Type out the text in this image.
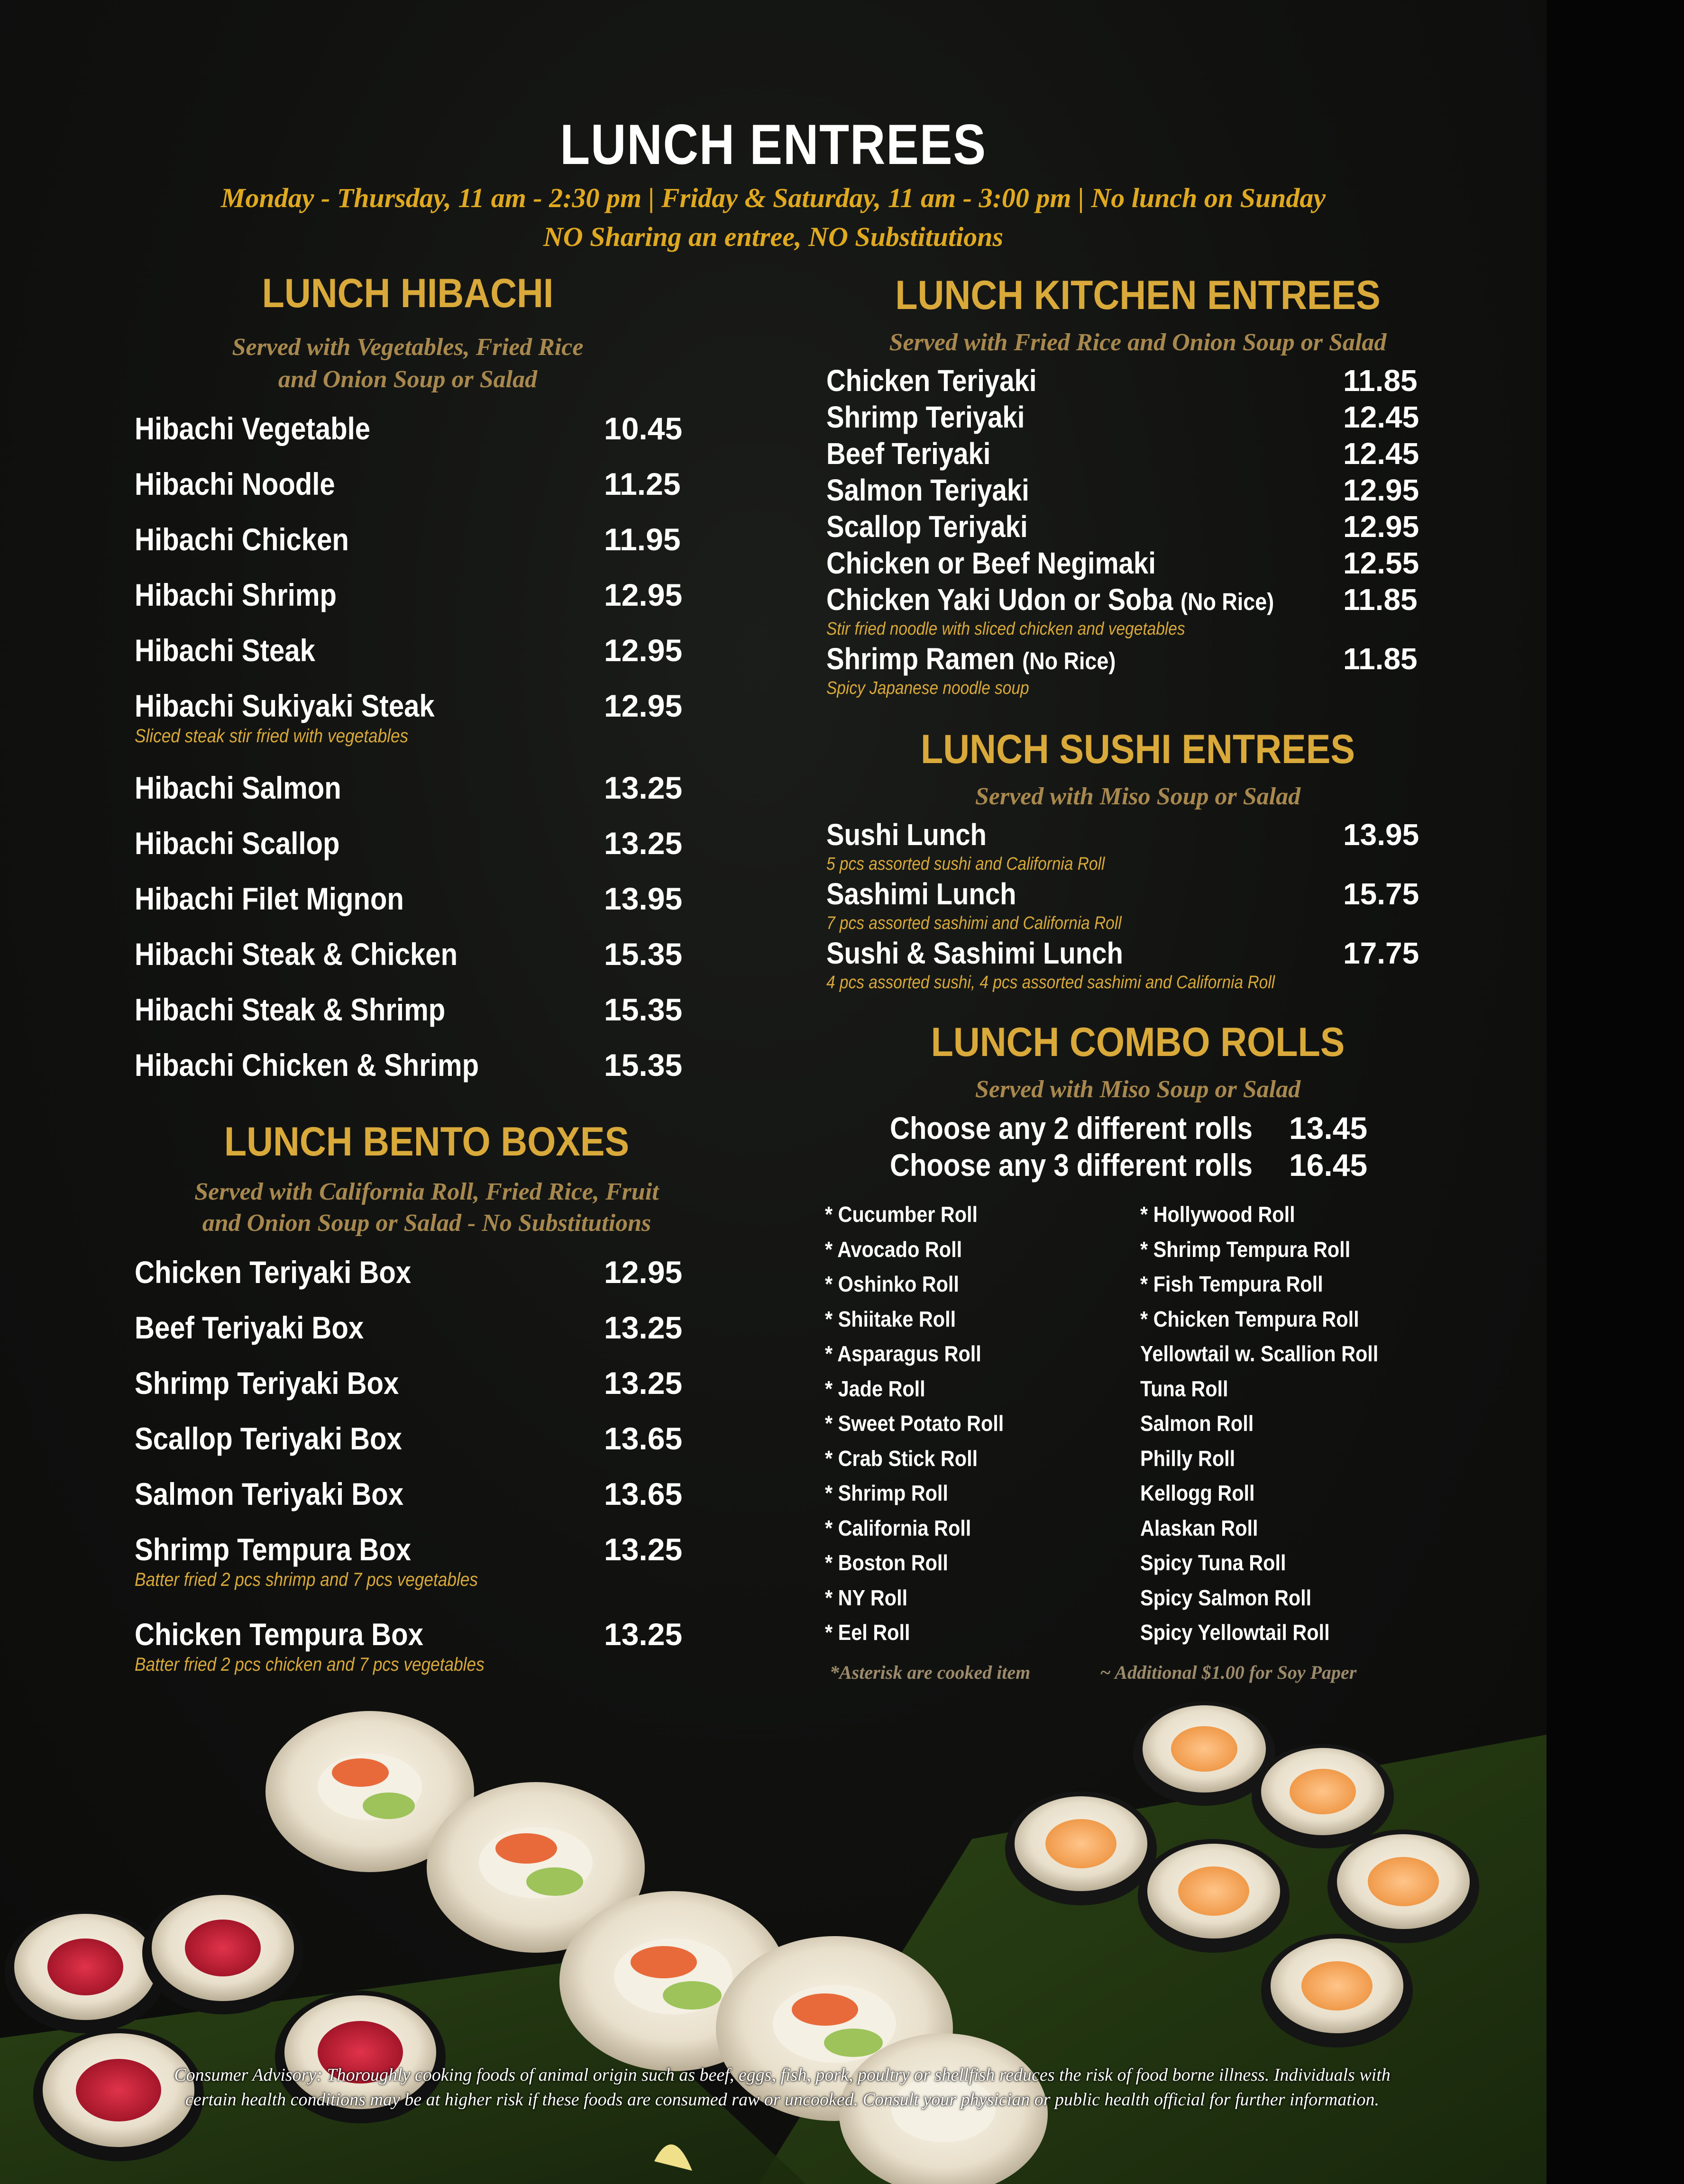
LUNCH ENTREES
Monday - Thursday, 11 am - 2:30 pm | Friday & Saturday, 11 am - 3:00 pm | No lunch on Sunday
NO Sharing an entree, NO Substitutions
LUNCH HIBACHI
Served with Vegetables, Fried Rice
and Onion Soup or Salad
Hibachi Vegetable	10.45
Hibachi Noodle	11.25
Hibachi Chicken	11.95
Hibachi Shrimp	12.95
Hibachi Steak	12.95
Hibachi Sukiyaki Steak	12.95
Sliced steak stir fried with vegetables
Hibachi Salmon	13.25
Hibachi Scallop	13.25
Hibachi Filet Mignon	13.95
Hibachi Steak & Chicken	15.35
Hibachi Steak & Shrimp	15.35
Hibachi Chicken & Shrimp	15.35
LUNCH BENTO BOXES
Served with California Roll, Fried Rice, Fruit
and Onion Soup or Salad - No Substitutions
Chicken Teriyaki Box	12.95
Beef Teriyaki Box	13.25
Shrimp Teriyaki Box	13.25
Scallop Teriyaki Box	13.65
Salmon Teriyaki Box	13.65
Shrimp Tempura Box	13.25
Batter fried 2 pcs shrimp and 7 pcs vegetables
Chicken Tempura Box	13.25
Batter fried 2 pcs chicken and 7 pcs vegetables
LUNCH KITCHEN ENTREES
Served with Fried Rice and Onion Soup or Salad
Chicken Teriyaki	11.85
Shrimp Teriyaki	12.45
Beef Teriyaki	12.45
Salmon Teriyaki	12.95
Scallop Teriyaki	12.95
Chicken or Beef Negimaki	12.55
Chicken Yaki Udon or Soba (No Rice) 11.85
Stir fried noodle with sliced chicken and vegetables
Shrimp Ramen (No Rice)	11.85
Spicy Japanese noodle soup
LUNCH SUSHI ENTREES
Served with Miso Soup or Salad
Sushi Lunch	13.95
5 pcs assorted sushi and California Roll
Sashimi Lunch	15.75
7 pcs assorted sashimi and California Roll
Sushi & Sashimi Lunch	17.75
4 pcs assorted sushi, 4 pcs assorted sashimi and California Roll
LUNCH COMBO ROLLS
Served with Miso Soup or Salad
Choose any 2 different rolls 13.45
Choose any 3 different rolls 16.45
* Cucumber Roll
* Avocado Roll
* Oshinko Roll
* Shiitake Roll
* Asparagus Roll
* Jade Roll
* Sweet Potato Roll
* Crab Stick Roll
* Shrimp Roll
* California Roll
* Boston Roll
* NY Roll
* Eel Roll
* Hollywood Roll
* Shrimp Tempura Roll
* Fish Tempura Roll
* Chicken Tempura Roll
Yellowtail w. Scallion Roll
Tuna Roll
Salmon Roll
Philly Roll
Kellogg Roll
Alaskan Roll
Spicy Tuna Roll
Spicy Salmon Roll
Spicy Yellowtail Roll
*Asterisk are cooked item	~ Additional $1.00 for Soy Paper
Consumer Advisory: Thoroughly cooking foods of animal origin such as beef, eggs, fish, pork, poultry or shellfish reduces the risk of food borne illness. Individuals with
certain health conditions may be at higher risk if these foods are consumed raw or uncooked. Consult your physician or public health official for further information.
